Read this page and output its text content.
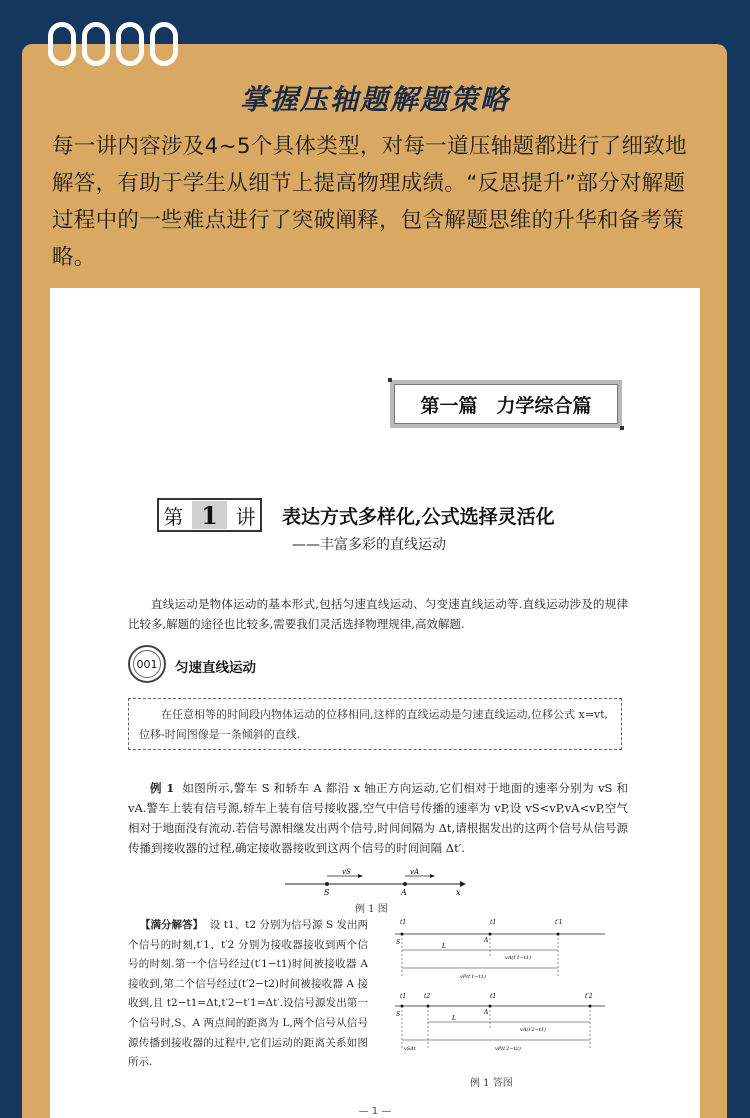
掌握压轴题解题策略
每一讲内容涉及4~5个具体类型，对每一道压轴题都进行了细致地解答，有助于学生从细节上提高物理成绩。“反思提升”部分对解题过程中的一些难点进行了突破阐释，包含解题思维的升华和备考策略。
第一篇　力学综合篇
第 1 讲 表达方式多样化,公式选择灵活化
——丰富多彩的直线运动
直线运动是物体运动的基本形式,包括匀速直线运动、匀变速直线运动等.直线运动涉及的规律比较多,解题的途径也比较多,需要我们灵活选择物理规律,高效解题.
001 匀速直线运动
在任意相等的时间段内物体运动的位移相同,这样的直线运动是匀速直线运动,位移公式 x=vt,位移-时间图像是一条倾斜的直线.
例 1 如图所示,警车 S 和轿车 A 都沿 x 轴正方向运动,它们相对于地面的速率分别为 vS 和 vA.警车上装有信号源,轿车上装有信号接收器,空气中信号传播的速率为 vP,设 vS<vP,vA<vP,空气相对于地面没有流动.若信号源相继发出两个信号,时间间隔为 Δt,请根据发出的这两个信号从信号源传播到接收器的过程,确定接收器接收到这两个信号的时间间隔 Δt′.
vS	vA
S	A	x
例 1 图
【满分解答】 设 t1、t2 分别为信号源 S 发出两个信号的时刻,t′1、t′2 分别为接收器接收到两个信号的时刻.第一个信号经过(t′1−t1)时间被接收器 A 接收到,第二个信号经过(t′2−t2)时间被接收器 A 接收到,且 t2−t1=Δt,t′2−t′1=Δt′.设信号源发出第一个信号时,S、A 两点间的距离为 L,两个信号从信号源传播到接收器的过程中,它们运动的距离关系如图所示.
t1	t1	t′1
S	A
L
vA(t′1−t1)
vP(t′1−t1)
t1	t2	t1	t′2
S	A
L
vA(t′2−t1)
vSΔt	vP(t′2−t2)
例 1 答图
— 1 —
